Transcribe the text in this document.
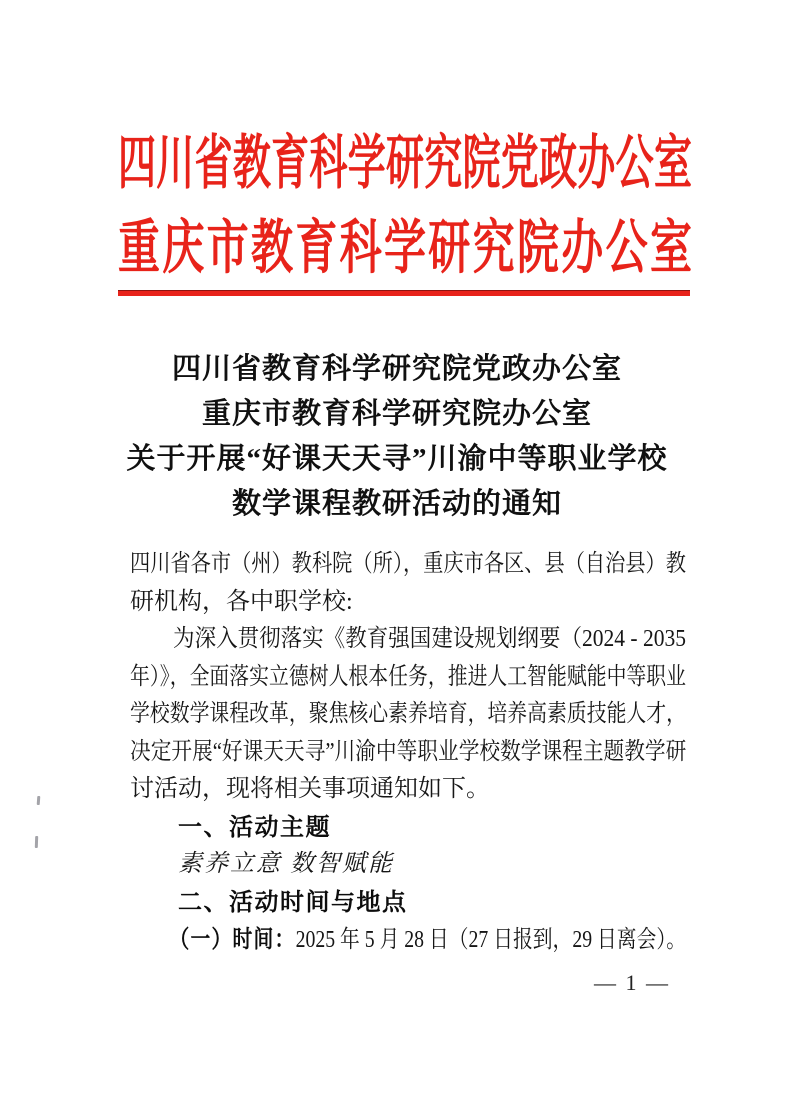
四 川 省 教 育 科 学 研 究 院 党 政 办 公 室
重 庆 市 教 育 科 学 研 究 院 办 公 室
四川省教育科学研究院党政办公室
重庆市教育科学研究院办公室
关于开展“好课天天寻”川渝中等职业学校
数学课程教研活动的通知
四川省各市（州）教科院（所），重庆市各区、县（自治县）教
研机构，各中职学校:
为深入贯彻落实《教育强国建设规划纲要（2024 - 2035
年）》，全面落实立德树人根本任务，推进人工智能赋能中等职业
学校数学课程改革，聚焦核心素养培育，培养高素质技能人才，
决定开展“好课天天寻”川渝中等职业学校数学课程主题教学研
讨活动，现将相关事项通知如下。
一、活动主题
素养立意 数智赋能
二、活动时间与地点
（一）时间：2025 年 5 月 28 日（27 日报到，29 日离会）。
— 1 —
